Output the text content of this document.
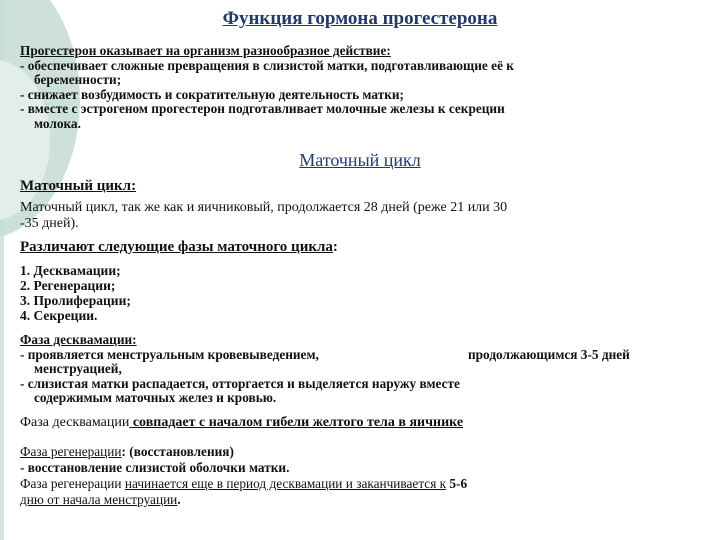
Функция гормона прогестерона
Прогестерон оказывает на организм разнообразное действие:
- обеспечивает сложные превращения в слизистой матки, подготавливающие её к

беременности;
- снижает возбудимость и сократительную деятельность матки;
- вместе с эстрогеном прогестерон подготавливает молочные железы к секреции

молока.
Маточный цикл
Маточный цикл:
Маточный цикл, так же как и яичниковый, продолжается 28 дней (реже 21 или 30
-35 дней).
Различают следующие фазы маточного цикла:
1. Десквамации;
2. Регенерации;
3. Пролиферации;
4. Секреции.
Фаза десквамации:
- проявляется менструальным кровевыведением,	продолжающимся 3-5 дней

менструацией,
- слизистая матки распадается, отторгается и выделяется наружу вместе

содержимым маточных желез и кровью.
Фаза десквамации совпадает с началом гибели желтого тела в яичнике
Фаза регенерации: (восстановления)
- восстановление слизистой оболочки матки.
Фаза регенерации начинается еще в период десквамации и заканчивается к 5-6
дню от начала менструации.
